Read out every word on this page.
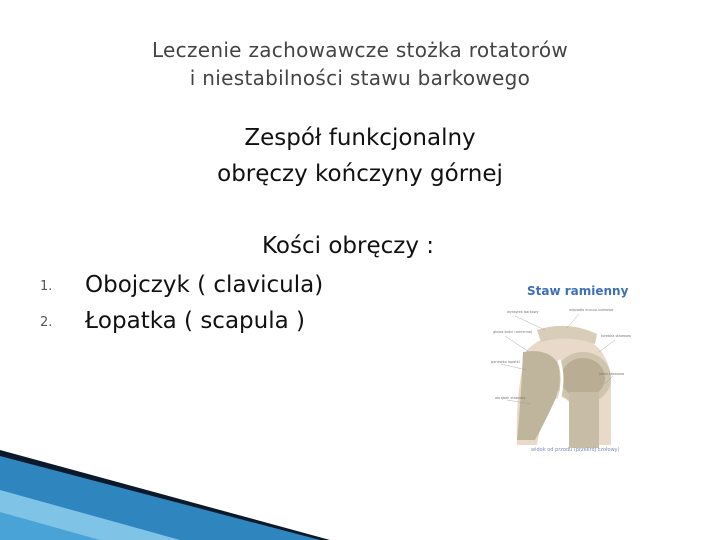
Leczenie zachowawcze stożka rotatorów
i niestabilności stawu barkowego
Zespół funkcjonalny
obręczy kończyny górnej
Kości obręczy :
1.	Obojczyk ( clavicula)
2.	Łopatka ( scapula )
Staw ramienny
wyrostek barkowy	więzadło kruczo-barkowe
torebka stawowa
głowa kości ramiennej
panewka łopatki
jama stawowa
obrąbek stawowy
widok od przodu (przekrój czołowy)
